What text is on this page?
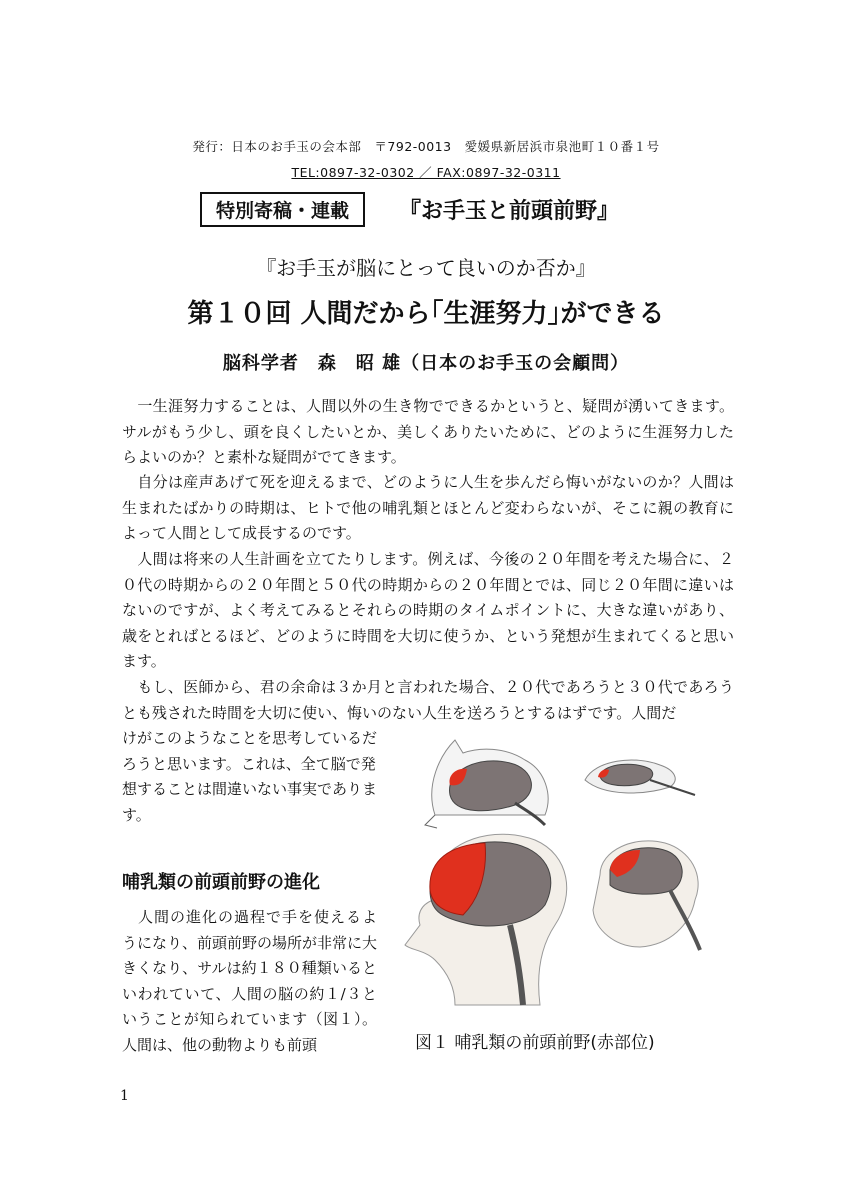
発行：日本のお手玉の会本部　〒792-0013　愛媛県新居浜市泉池町１０番１号
TEL:0897-32-0302 ／ FAX:0897-32-0311
特別寄稿・連載	『お手玉と前頭前野』
『お手玉が脳にとって良いのか否か』
第１０回 人間だから｢生涯努力｣ができる
脳科学者　森　昭 雄（日本のお手玉の会顧問）
　一生涯努力することは、人間以外の生き物でできるかというと、疑問が湧いてきます。サルがもう少し、頭を良くしたいとか、美しくありたいために、どのように生涯努力したらよいのか？と素朴な疑問がでてきます。
　自分は産声あげて死を迎えるまで、どのように人生を歩んだら悔いがないのか？人間は生まれたばかりの時期は、ヒトで他の哺乳類とほとんど変わらないが、そこに親の教育によって人間として成長するのです。
　人間は将来の人生計画を立てたりします。例えば、今後の２０年間を考えた場合に、２０代の時期からの２０年間と５０代の時期からの２０年間とでは、同じ２０年間に違いはないのですが、よく考えてみるとそれらの時期のタイムポイントに、大きな違いがあり、歳をとればとるほど、どのように時間を大切に使うか、という発想が生まれてくると思います。
　もし、医師から、君の余命は３か月と言われた場合、２０代であろうと３０代であろうとも残された時間を大切に使い、悔いのない人生を送ろうとするはずです。人間だ
けがこのようなことを思考しているだろうと思います。これは、全て脳で発想することは間違いない事実であります。
哺乳類の前頭前野の進化
　人間の進化の過程で手を使えるようになり、前頭前野の場所が非常に大きくなり、サルは約１８０種類いるといわれていて、人間の脳の約１/３ということが知られています（図１）。人間は、他の動物よりも前頭	図１ 哺乳類の前頭前野(赤部位)
1
